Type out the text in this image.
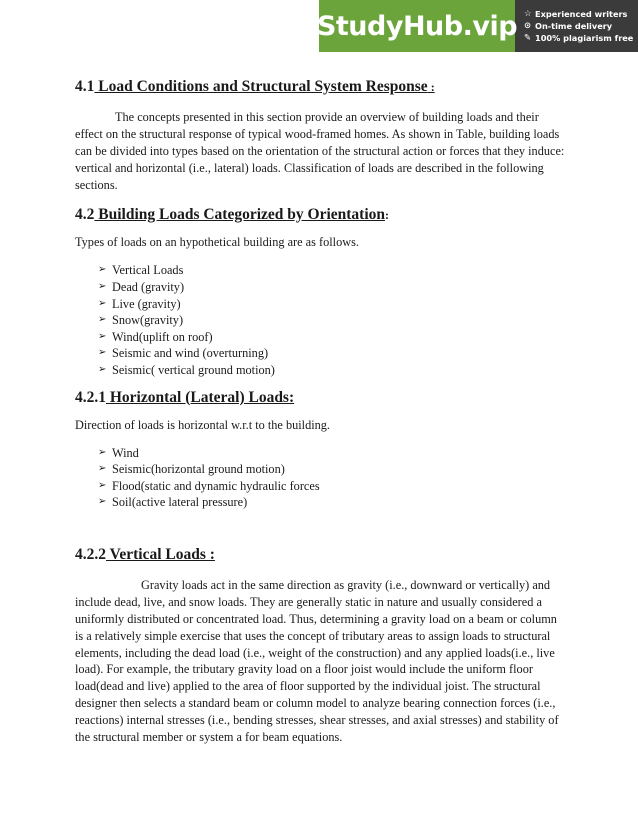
StudyHub.vip ☆ Experienced writers
⊙ On-time delivery
✎ 100% plagiarism free
4.1 Load Conditions and Structural System Response :

The concepts presented in this section provide an overview of building loads and their effect on the structural response of typical wood-framed homes. As shown in Table, building loads can be divided into types based on the orientation of the structural action or forces that they induce: vertical and horizontal (i.e., lateral) loads. Classification of loads are described in the following sections.

4.2 Building Loads Categorized by Orientation:

Types of loads on an hypothetical building are as follows.

➢ Vertical Loads
➢ Dead (gravity)
➢ Live (gravity)
➢ Snow(gravity)
➢ Wind(uplift on roof)
➢ Seismic and wind (overturning)
➢ Seismic( vertical ground motion)
4.2.1 Horizontal (Lateral) Loads:

Direction of loads is horizontal w.r.t to the building.

➢ Wind
➢ Seismic(horizontal ground motion)
➢ Flood(static and dynamic hydraulic forces
➢ Soil(active lateral pressure)
4.2.2 Vertical Loads :

Gravity loads act in the same direction as gravity (i.e., downward or vertically) and include dead, live, and snow loads. They are generally static in nature and usually considered a uniformly distributed or concentrated load. Thus, determining a gravity load on a beam or column is a relatively simple exercise that uses the concept of tributary areas to assign loads to structural elements, including the dead load (i.e., weight of the construction) and any applied loads(i.e., live load). For example, the tributary gravity load on a floor joist would include the uniform floor load(dead and live) applied to the area of floor supported by the individual joist. The structural designer then selects a standard beam or column model to analyze bearing connection forces (i.e., reactions) internal stresses (i.e., bending stresses, shear stresses, and axial stresses) and stability of the structural member or system a for beam equations.
